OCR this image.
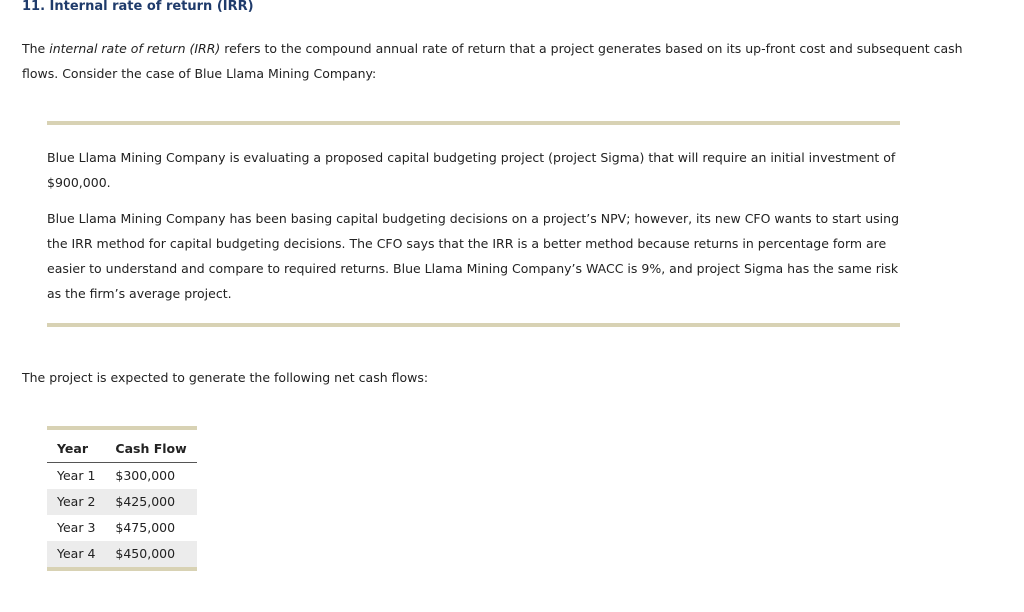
11. Internal rate of return (IRR)

The internal rate of return (IRR) refers to the compound annual rate of return that a project generates based on its up-front cost and subsequent cash flows. Consider the case of Blue Llama Mining Company:

Blue Llama Mining Company is evaluating a proposed capital budgeting project (project Sigma) that will require an initial investment of $900,000.

Blue Llama Mining Company has been basing capital budgeting decisions on a project’s NPV; however, its new CFO wants to start using the IRR method for capital budgeting decisions. The CFO says that the IRR is a better method because returns in percentage form are easier to understand and compare to required returns. Blue Llama Mining Company’s WACC is 9%, and project Sigma has the same risk as the firm’s average project.

The project is expected to generate the following net cash flows:

Year	Cash Flow
Year 1	$300,000
Year 2	$425,000
Year 3	$475,000
Year 4	$450,000
